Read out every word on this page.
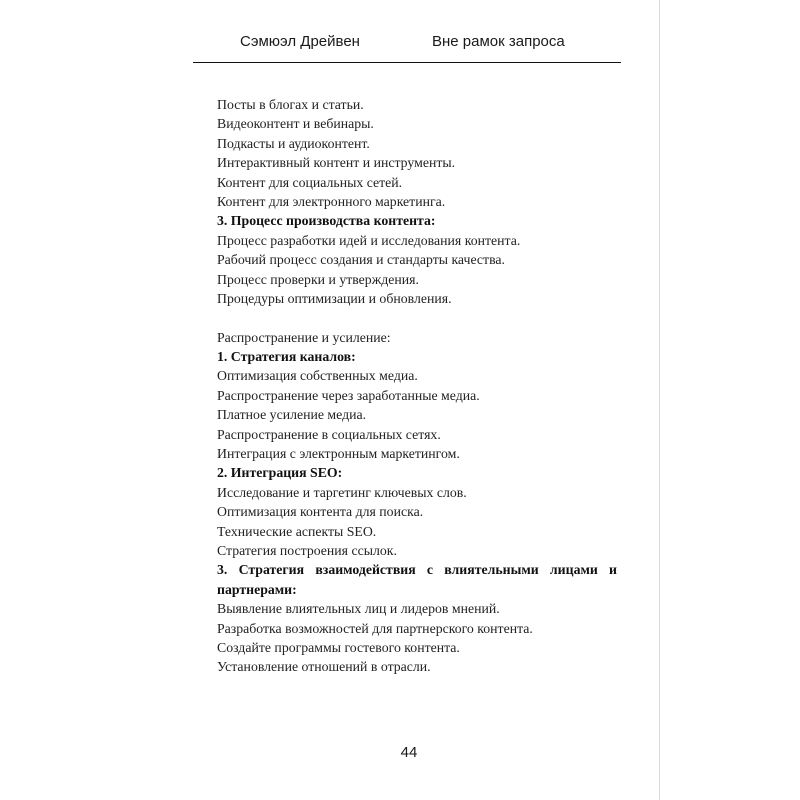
Сэмюэл Дрейвен	Вне рамок запроса
Посты в блогах и статьи.
Видеоконтент и вебинары.
Подкасты и аудиоконтент.
Интерактивный контент и инструменты.
Контент для социальных сетей.
Контент для электронного маркетинга.
3. Процесс производства контента:
Процесс разработки идей и исследования контента.
Рабочий процесс создания и стандарты качества.
Процесс проверки и утверждения.
Процедуры оптимизации и обновления.
Распространение и усиление:
1. Стратегия каналов:
Оптимизация собственных медиа.
Распространение через заработанные медиа.
Платное усиление медиа.
Распространение в социальных сетях.
Интеграция с электронным маркетингом.
2. Интеграция SEO:
Исследование и таргетинг ключевых слов.
Оптимизация контента для поиска.
Технические аспекты SEO.
Стратегия построения ссылок.
3. Стратегия взаимодействия с влиятельными лицами и
партнерами:
Выявление влиятельных лиц и лидеров мнений.
Разработка возможностей для партнерского контента.
Создайте программы гостевого контента.
Установление отношений в отрасли.
44
